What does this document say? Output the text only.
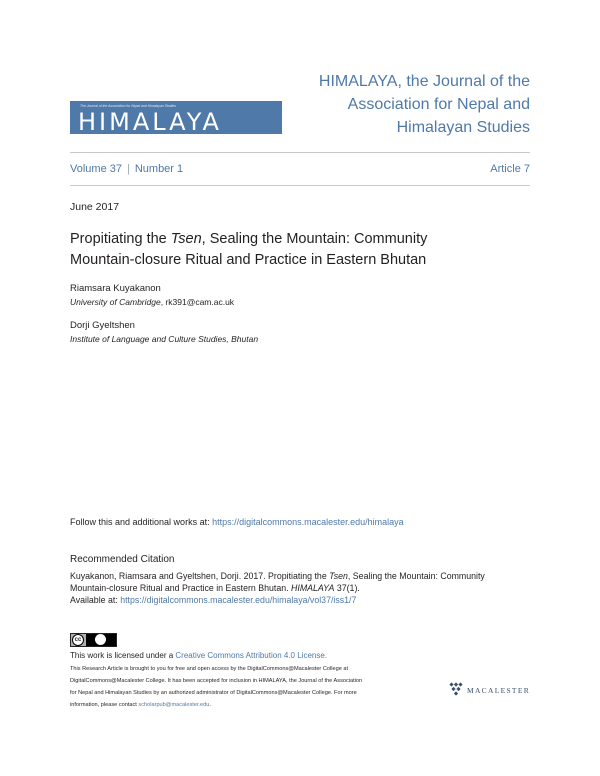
The Journal of the Association for Nepal and Himalayan Studies
HIMALAYA
HIMALAYA, the Journal of the
Association for Nepal and
Himalayan Studies
Volume 37 | Number 1	Article 7
June 2017
Propitiating the Tsen, Sealing the Mountain: Community Mountain-closure Ritual and Practice in Eastern Bhutan
Riamsara Kuyakanon
University of Cambridge, rk391@cam.ac.uk
Dorji Gyeltshen
Institute of Language and Culture Studies, Bhutan
Follow this and additional works at: https://digitalcommons.macalester.edu/himalaya
Recommended Citation
Kuyakanon, Riamsara and Gyeltshen, Dorji. 2017. Propitiating the Tsen, Sealing the Mountain: Community
Mountain-closure Ritual and Practice in Eastern Bhutan. HIMALAYA 37(1).
Available at: https://digitalcommons.macalester.edu/himalaya/vol37/iss1/7
cc
This work is licensed under a Creative Commons Attribution 4.0 License.
This Research Article is brought to you for free and open access by the DigitalCommons@Macalester College at
DigitalCommons@Macalester College. It has been accepted for inclusion in HIMALAYA, the Journal of the Association
for Nepal and Himalayan Studies by an authorized administrator of DigitalCommons@Macalester College. For more
information, please contact scholarpub@macalester.edu.
MACALESTER
